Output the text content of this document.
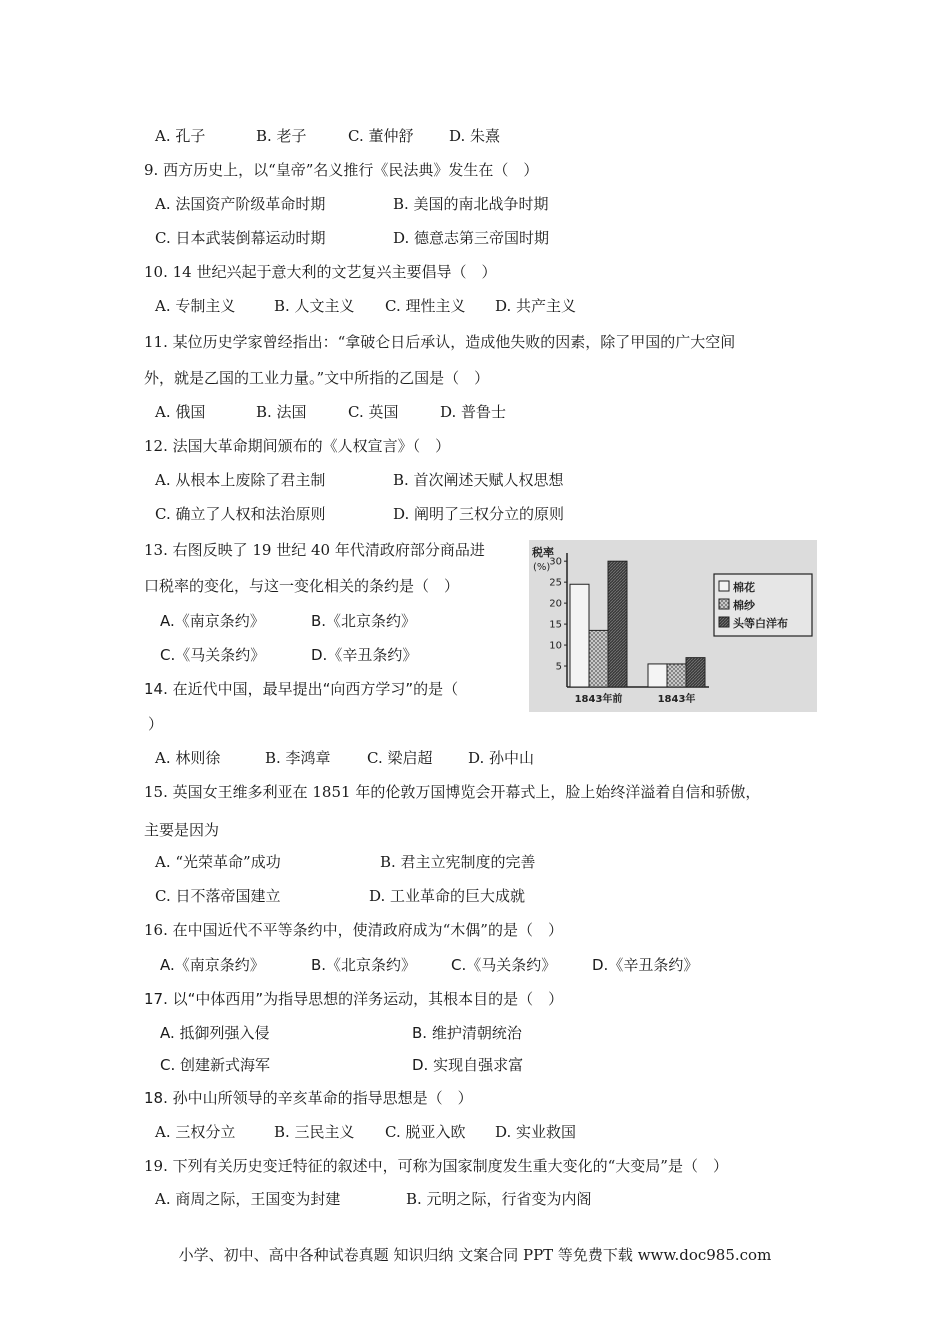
A. 孔子	B. 老子	C. 董仲舒 D. 朱熹
9. 西方历史上，以“皇帝”名义推行《民法典》发生在（　）
A. 法国资产阶级革命时期	B. 美国的南北战争时期
C. 日本武装倒幕运动时期	D. 德意志第三帝国时期
10. 14 世纪兴起于意大利的文艺复兴主要倡导（　）
A. 专制主义	B. 人文主义 C. 理性主义 D. 共产主义
11. 某位历史学家曾经指出：“拿破仑日后承认，造成他失败的因素，除了甲国的广大空间
外，就是乙国的工业力量。”文中所指的乙国是（　）
A. 俄国	B. 法国	C. 英国	D. 普鲁士
12. 法国大革命期间颁布的《人权宣言》（　）
A. 从根本上废除了君主制	B. 首次阐述天赋人权思想
C. 确立了人权和法治原则	D. 阐明了三权分立的原则
13. 右图反映了 19 世纪 40 年代清政府部分商品进
口税率的变化，与这一变化相关的条约是（　）
A.《南京条约》	B.《北京条约》
C.《马关条约》	D.《辛丑条约》
税率
(%)
5
10
15
20
25
30
1843年前	1843年
棉花
棉纱
头等白洋布
14. 在近代中国，最早提出“向西方学习”的是（
）
A. 林则徐	B. 李鸿章 C. 梁启超 D. 孙中山
15. 英国女王维多利亚在 1851 年的伦敦万国博览会开幕式上，脸上始终洋溢着自信和骄傲，
主要是因为
A. “光荣革命”成功	B. 君主立宪制度的完善
C. 日不落帝国建立	D. 工业革命的巨大成就
16. 在中国近代不平等条约中，使清政府成为“木偶”的是（　）
A.《南京条约》	B.《北京条约》 C.《马关条约》 D.《辛丑条约》
17. 以“中体西用”为指导思想的洋务运动，其根本目的是（　）
A. 抵御列强入侵	B. 维护清朝统治
C. 创建新式海军	D. 实现自强求富
18. 孙中山所领导的辛亥革命的指导思想是（　）
A. 三权分立	B. 三民主义 C. 脱亚入欧 D. 实业救国
19. 下列有关历史变迁特征的叙述中，可称为国家制度发生重大变化的“大变局”是（　）
A. 商周之际，王国变为封建	B. 元明之际，行省变为内阁
小学、初中、高中各种试卷真题 知识归纳 文案合同 PPT 等免费下载 www.doc985.com
